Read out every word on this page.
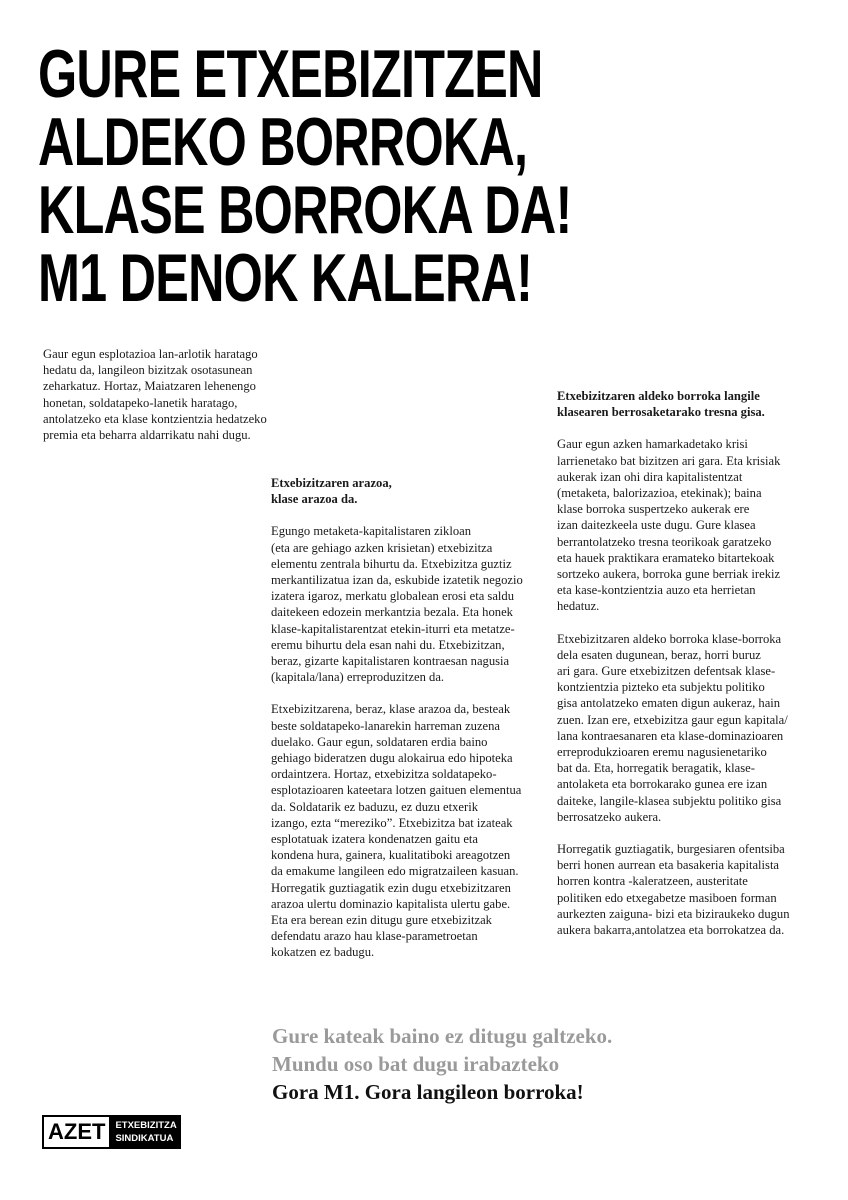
GURE ETXEBIZITZEN
ALDEKO BORROKA,
KLASE BORROKA DA!
M1 DENOK KALERA!
Gaur egun esplotazioa lan-arlotik haratago
hedatu da, langileon bizitzak osotasunean
zeharkatuz. Hortaz, Maiatzaren lehenengo
honetan, soldatapeko-lanetik haratago,
antolatzeko eta klase kontzientzia hedatzeko
premia eta beharra aldarrikatu nahi dugu.
Etxebizitzaren arazoa,
klase arazoa da.

Egungo metaketa-kapitalistaren zikloan
(eta are gehiago azken krisietan) etxebizitza
elementu zentrala bihurtu da. Etxebizitza guztiz
merkantilizatua izan da, eskubide izatetik negozio
izatera igaroz, merkatu globalean erosi eta saldu
daitekeen edozein merkantzia bezala. Eta honek
klase-kapitalistarentzat etekin-iturri eta metatze-
eremu bihurtu dela esan nahi du. Etxebizitzan,
beraz, gizarte kapitalistaren kontraesan nagusia
(kapitala/lana) erreproduzitzen da.

Etxebizitzarena, beraz, klase arazoa da, besteak
beste soldatapeko-lanarekin harreman zuzena
duelako. Gaur egun, soldataren erdia baino
gehiago bideratzen dugu alokairua edo hipoteka
ordaintzera. Hortaz, etxebizitza soldatapeko-
esplotazioaren kateetara lotzen gaituen elementua
da. Soldatarik ez baduzu, ez duzu etxerik
izango, ezta “mereziko”. Etxebizitza bat izateak
esplotatuak izatera kondenatzen gaitu eta
kondena hura, gainera, kualitatiboki areagotzen
da emakume langileen edo migratzaileen kasuan.
Horregatik guztiagatik ezin dugu etxebizitzaren
arazoa ulertu dominazio kapitalista ulertu gabe.
Eta era berean ezin ditugu gure etxebizitzak
defendatu arazo hau klase-parametroetan
kokatzen ez badugu.

Etxebizitzaren aldeko borroka langile
klasearen berrosaketarako tresna gisa.

Gaur egun azken hamarkadetako krisi
larrienetako bat bizitzen ari gara. Eta krisiak
aukerak izan ohi dira kapitalistentzat
(metaketa, balorizazioa, etekinak); baina
klase borroka suspertzeko aukerak ere
izan daitezkeela uste dugu. Gure klasea
berrantolatzeko tresna teorikoak garatzeko
eta hauek praktikara eramateko bitartekoak
sortzeko aukera, borroka gune berriak irekiz
eta kase-kontzientzia auzo eta herrietan
hedatuz.

Etxebizitzaren aldeko borroka klase-borroka
dela esaten dugunean, beraz, horri buruz
ari gara. Gure etxebizitzen defentsak klase-
kontzientzia pizteko eta subjektu politiko
gisa antolatzeko ematen digun aukeraz, hain
zuen. Izan ere, etxebizitza gaur egun kapitala/
lana kontraesanaren eta klase-dominazioaren
erreprodukzioaren eremu nagusienetariko
bat da. Eta, horregatik beragatik, klase-
antolaketa eta borrokarako gunea ere izan
daiteke, langile-klasea subjektu politiko gisa
berrosatzeko aukera.

Horregatik guztiagatik, burgesiaren ofentsiba
berri honen aurrean eta basakeria kapitalista
horren kontra -kaleratzeen, austeritate
politiken edo etxegabetze masiboen forman
aurkezten zaiguna- bizi eta biziraukeko dugun
aukera bakarra,antolatzea eta borrokatzea da.

Gure kateak baino ez ditugu galtzeko.
Mundu oso bat dugu irabazteko
Gora M1. Gora langileon borroka!
AZET	ETXEBIZITZA
SINDIKATUA
